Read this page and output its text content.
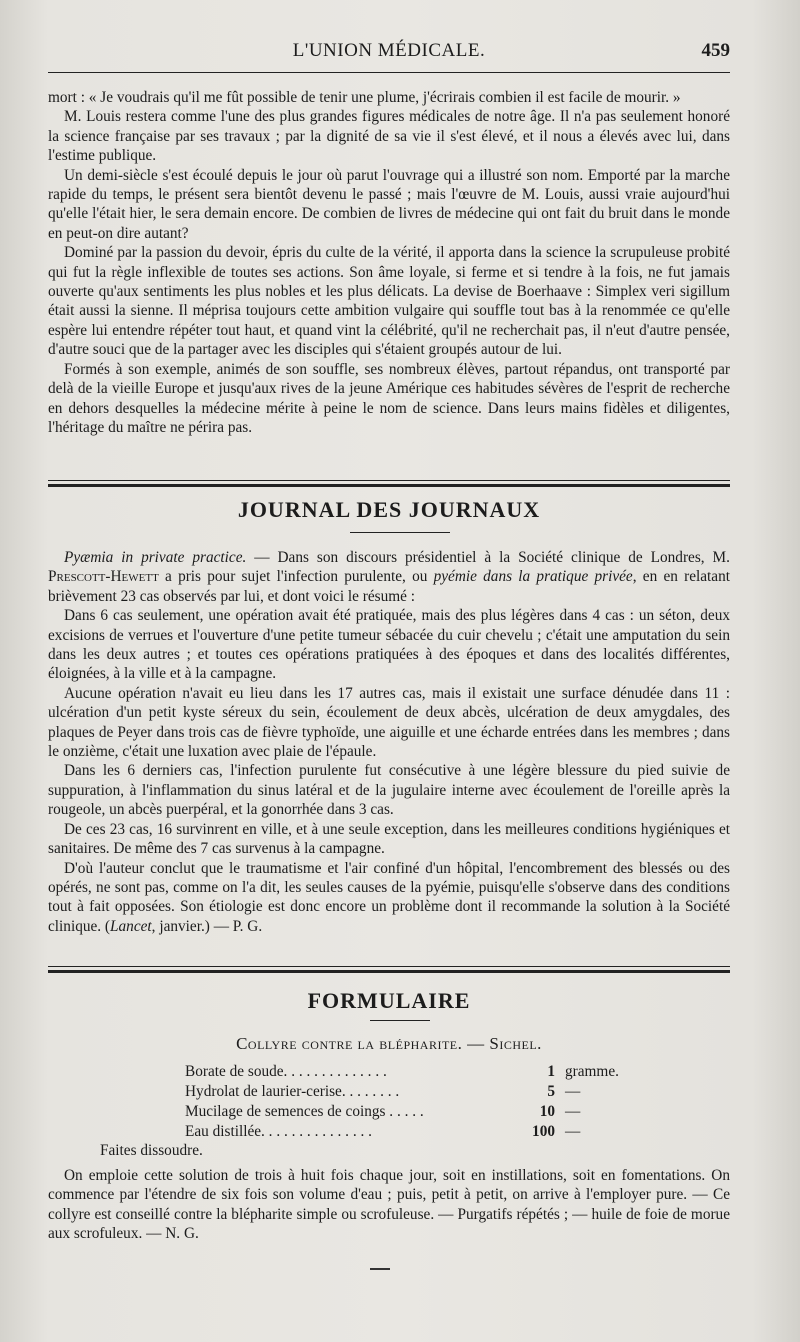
L'UNION MÉDICALE.	459

mort : « Je voudrais qu'il me fût possible de tenir une plume, j'écrirais combien il est facile de mourir. »

M. Louis restera comme l'une des plus grandes figures médicales de notre âge. Il n'a pas seulement honoré la science française par ses travaux ; par la dignité de sa vie il s'est élevé, et il nous a élevés avec lui, dans l'estime publique.

Un demi-siècle s'est écoulé depuis le jour où parut l'ouvrage qui a illustré son nom. Emporté par la marche rapide du temps, le présent sera bientôt devenu le passé ; mais l'œuvre de M. Louis, aussi vraie aujourd'hui qu'elle l'était hier, le sera demain encore. De combien de livres de médecine qui ont fait du bruit dans le monde en peut-on dire autant?

Dominé par la passion du devoir, épris du culte de la vérité, il apporta dans la science la scrupuleuse probité qui fut la règle inflexible de toutes ses actions. Son âme loyale, si ferme et si tendre à la fois, ne fut jamais ouverte qu'aux sentiments les plus nobles et les plus délicats. La devise de Boerhaave : Simplex veri sigillum était aussi la sienne. Il méprisa toujours cette ambition vulgaire qui souffle tout bas à la renommée ce qu'elle espère lui entendre répéter tout haut, et quand vint la célébrité, qu'il ne recherchait pas, il n'eut d'autre pensée, d'autre souci que de la partager avec les disciples qui s'étaient groupés autour de lui.

Formés à son exemple, animés de son souffle, ses nombreux élèves, partout répandus, ont transporté par delà de la vieille Europe et jusqu'aux rives de la jeune Amérique ces habitudes sévères de l'esprit de recherche en dehors desquelles la médecine mérite à peine le nom de science. Dans leurs mains fidèles et diligentes, l'héritage du maître ne périra pas.

JOURNAL DES JOURNAUX

Pyæmia in private practice. — Dans son discours présidentiel à la Société clinique de Londres, M. Prescott-Hewett a pris pour sujet l'infection purulente, ou pyémie dans la pratique privée, en en relatant brièvement 23 cas observés par lui, et dont voici le résumé :

Dans 6 cas seulement, une opération avait été pratiquée, mais des plus légères dans 4 cas : un séton, deux excisions de verrues et l'ouverture d'une petite tumeur sébacée du cuir chevelu ; c'était une amputation du sein dans les deux autres ; et toutes ces opérations pratiquées à des époques et dans des localités différentes, éloignées, à la ville et à la campagne.

Aucune opération n'avait eu lieu dans les 17 autres cas, mais il existait une surface dénudée dans 11 : ulcération d'un petit kyste séreux du sein, écoulement de deux abcès, ulcération de deux amygdales, des plaques de Peyer dans trois cas de fièvre typhoïde, une aiguille et une écharde entrées dans les membres ; dans le onzième, c'était une luxation avec plaie de l'épaule.

Dans les 6 derniers cas, l'infection purulente fut consécutive à une légère blessure du pied suivie de suppuration, à l'inflammation du sinus latéral et de la jugulaire interne avec écoulement de l'oreille après la rougeole, un abcès puerpéral, et la gonorrhée dans 3 cas.

De ces 23 cas, 16 survinrent en ville, et à une seule exception, dans les meilleures conditions hygiéniques et sanitaires. De même des 7 cas survenus à la campagne.

D'où l'auteur conclut que le traumatisme et l'air confiné d'un hôpital, l'encombrement des blessés ou des opérés, ne sont pas, comme on l'a dit, les seules causes de la pyémie, puisqu'elle s'observe dans des conditions tout à fait opposées. Son étiologie est donc encore un problème dont il recommande la solution à la Société clinique. (Lancet, janvier.) — P. G.

FORMULAIRE
Collyre contre la blépharite. — Sichel.
Borate de soude. . . . . . . . . . . . . .	1 gramme.
Hydrolat de laurier-cerise. . . . . . . .	5 —
Mucilage de semences de coings . . . . .	10 —
Eau distillée. . . . . . . . . . . . . . .	100 —
Faites dissoudre.

On emploie cette solution de trois à huit fois chaque jour, soit en instillations, soit en fomentations. On commence par l'étendre de six fois son volume d'eau ; puis, petit à petit, on arrive à l'employer pure. — Ce collyre est conseillé contre la blépharite simple ou scrofuleuse. — Purgatifs répétés ; — huile de foie de morue aux scrofuleux. — N. G.
